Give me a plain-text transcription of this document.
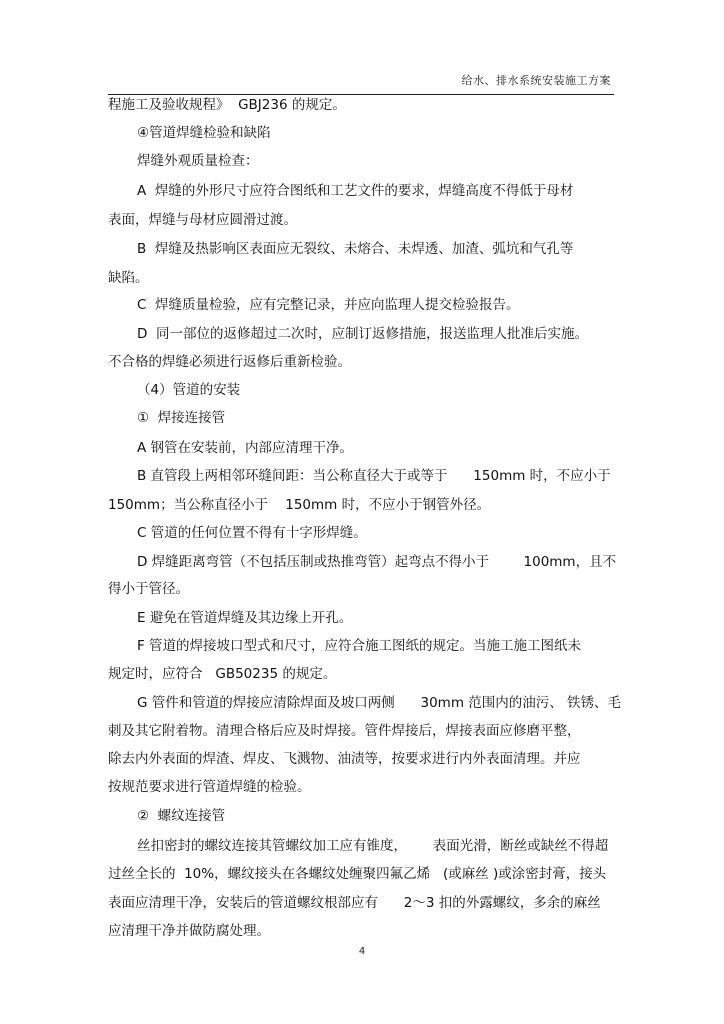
给水、排水系统安装施工方案
程施工及验收规程》  GBJ236 的规定。
④管道焊缝检验和缺陷
焊缝外观质量检查：
A  焊缝的外形尺寸应符合图纸和工艺文件的要求，焊缝高度不得低于母材
表面，焊缝与母材应圆滑过渡。
B  焊缝及热影响区表面应无裂纹、未熔合、未焊透、加渣、弧坑和气孔等
缺陷。
C  焊缝质量检验，应有完整记录，并应向监理人提交检验报告。
D  同一部位的返修超过二次时，应制订返修措施，报送监理人批准后实施。
不合格的焊缝必须进行返修后重新检验。
（4）管道的安装
①  焊接连接管
A 钢管在安装前，内部应清理干净。
B 直管段上两相邻环缝间距：当公称直径大于或等于      150mm 时，不应小于
150mm；当公称直径小于    150mm 时，不应小于钢管外径。
C 管道的任何位置不得有十字形焊缝。
D 焊缝距离弯管（不包括压制或热推弯管）起弯点不得小于        100mm，且不
得小于管径。
E 避免在管道焊缝及其边缘上开孔。
F 管道的焊接坡口型式和尺寸，应符合施工图纸的规定。当施工施工图纸未
规定时，应符合   GB50235 的规定。
G 管件和管道的焊接应清除焊面及坡口两侧      30mm 范围内的油污、 铁锈、毛
刺及其它附着物。清理合格后应及时焊接。管件焊接后，焊接表面应修磨平整，
除去内外表面的焊渣、焊皮、飞溅物、油渍等，按要求进行内外表面清理。并应
按规范要求进行管道焊缝的检验。
②  螺纹连接管
丝扣密封的螺纹连接其管螺纹加工应有锥度，      表面光滑，断丝或缺丝不得超
过丝全长的  10%，螺纹接头在各螺纹处缠聚四氟乙烯   (或麻丝 )或涂密封膏，接头
表面应清理干净，安装后的管道螺纹根部应有      2～3 扣的外露螺纹，多余的麻丝
应清理干净并做防腐处理。
4
